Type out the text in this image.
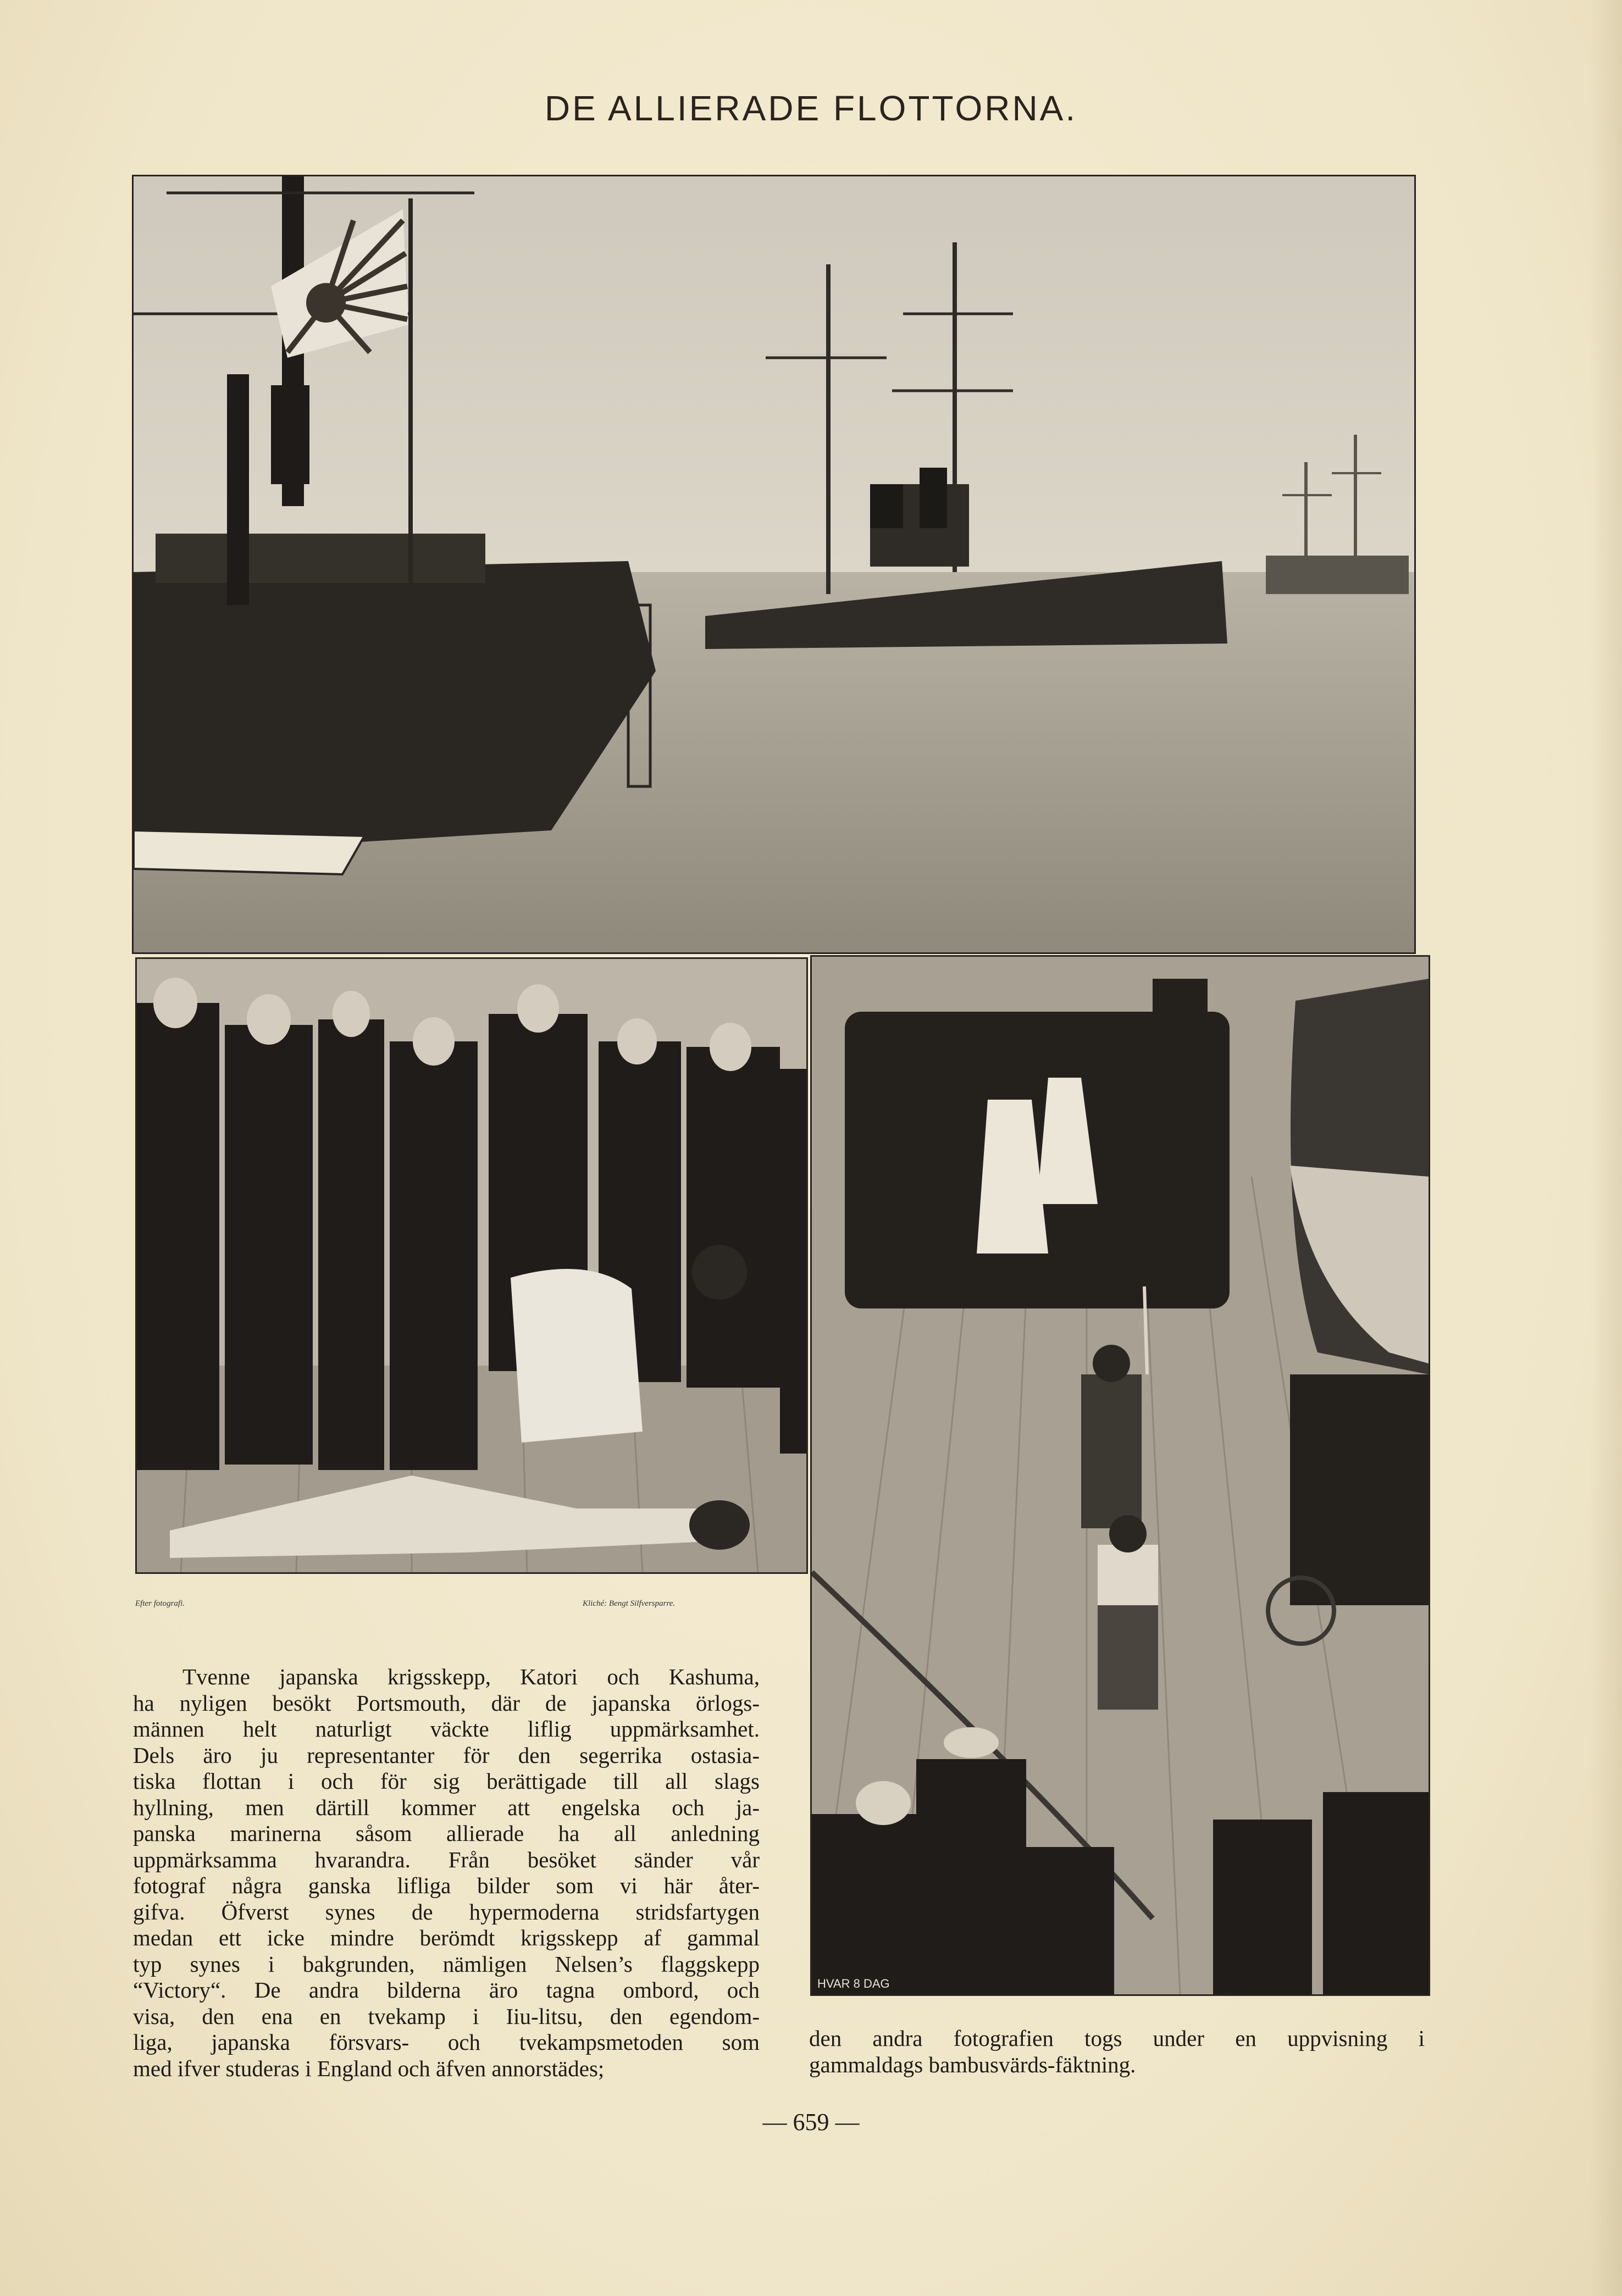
DE ALLIERADE FLOTTORNA.
HVAR 8 DAG
Efter fotografi.	Kliché: Bengt Silfversparre.
Tvenne japanska krigsskepp, Katori och Kashuma,
ha nyligen besökt Portsmouth, där de japanska örlogs-
männen helt naturligt väckte liflig uppmärksamhet.
Dels äro ju representanter för den segerrika ostasia-
tiska flottan i och för sig berättigade till all slags
hyllning, men därtill kommer att engelska och ja-
panska marinerna såsom allierade ha all anledning
uppmärksamma hvarandra. Från besöket sänder vår
fotograf några ganska lifliga bilder som vi här åter-
gifva. Öfverst synes de hypermoderna stridsfartygen
medan ett icke mindre berömdt krigsskepp af gammal
typ synes i bakgrunden, nämligen Nelsen’s flaggskepp
“Victory“. De andra bilderna äro tagna ombord, och
visa, den ena en tvekamp i Iiu-litsu, den egendom-
liga, japanska försvars- och tvekampsmetoden som
med ifver studeras i England och äfven annorstädes;
den andra fotografien togs under en uppvisning i
gammaldags bambusvärds-fäktning.
— 659 —
